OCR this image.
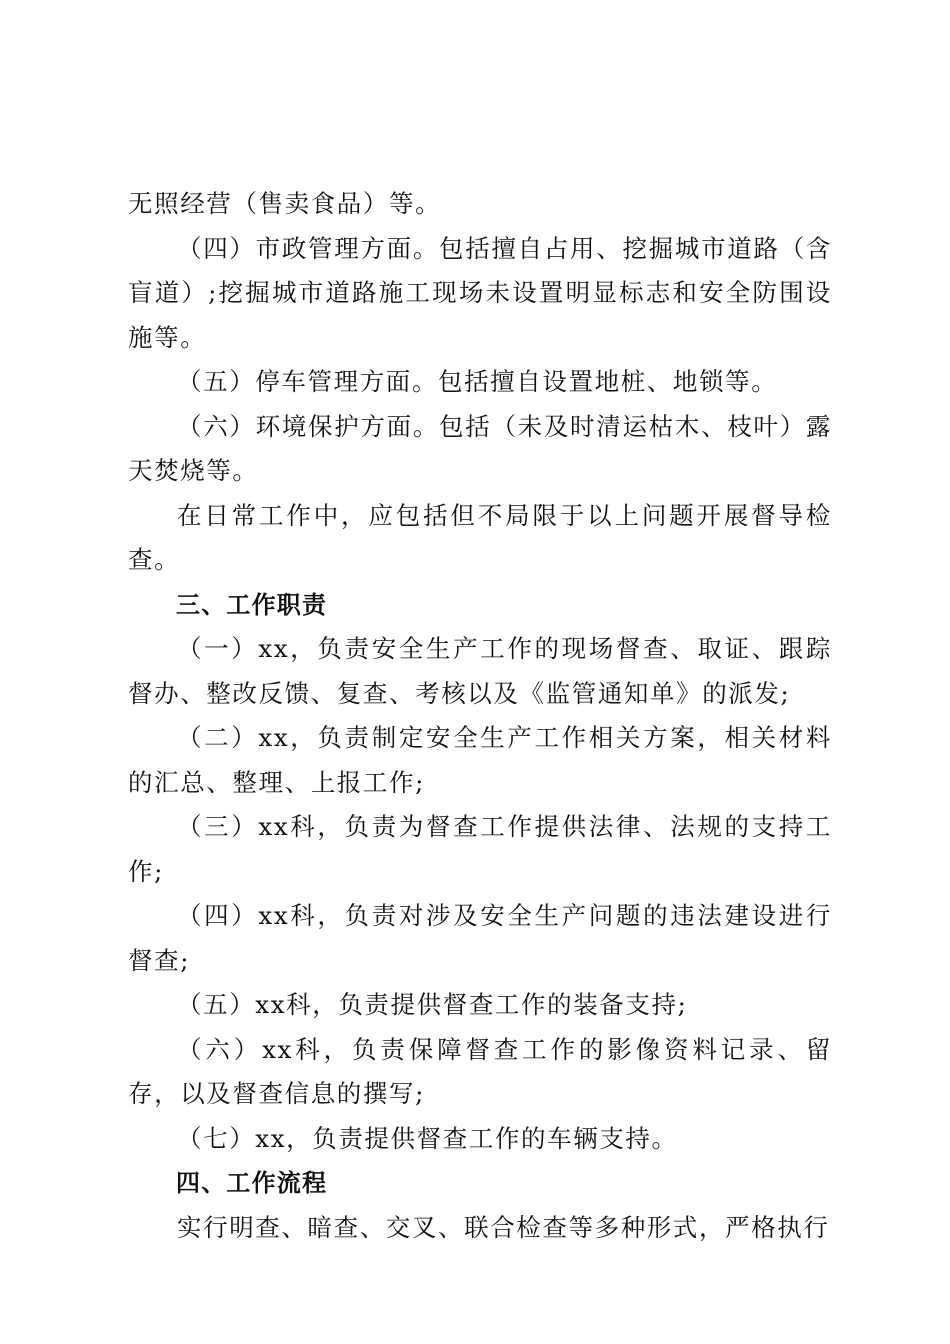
无照经营（售卖食品）等。

（四）市政管理方面。包括擅自占用、挖掘城市道路（含盲道）;挖掘城市道路施工现场未设置明显标志和安全防围设施等。

（五）停车管理方面。包括擅自设置地桩、地锁等。

（六）环境保护方面。包括（未及时清运枯木、枝叶）露天焚烧等。

在日常工作中，应包括但不局限于以上问题开展督导检查。

三、工作职责

（一）xx，负责安全生产工作的现场督查、取证、跟踪督办、整改反馈、复查、考核以及《监管通知单》的派发;

（二）xx，负责制定安全生产工作相关方案，相关材料的汇总、整理、上报工作;

（三）xx科，负责为督查工作提供法律、法规的支持工作;

（四）xx科，负责对涉及安全生产问题的违法建设进行督查;

（五）xx科，负责提供督查工作的装备支持;

（六）xx科，负责保障督查工作的影像资料记录、留存，以及督查信息的撰写;

（七）xx，负责提供督查工作的车辆支持。

四、工作流程

实行明查、暗查、交叉、联合检查等多种形式，严格执行
